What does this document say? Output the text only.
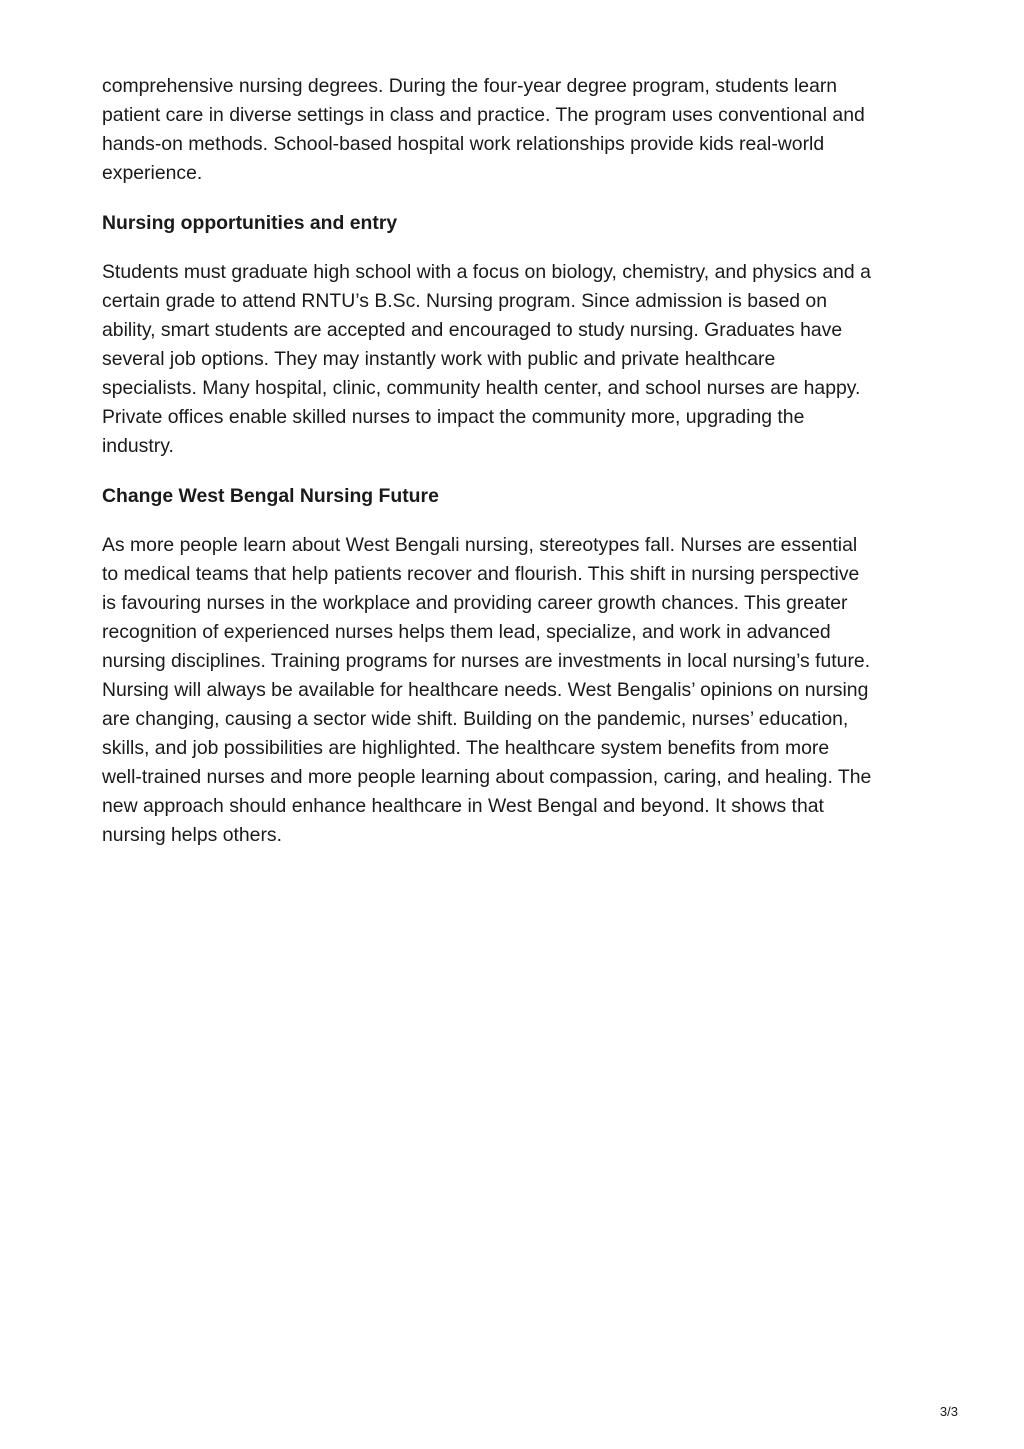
comprehensive nursing degrees. During the four-year degree program, students learn
patient care in diverse settings in class and practice. The program uses conventional and
hands-on methods. School-based hospital work relationships provide kids real-world
experience.

Nursing opportunities and entry

Students must graduate high school with a focus on biology, chemistry, and physics and a
certain grade to attend RNTU’s B.Sc. Nursing program. Since admission is based on
ability, smart students are accepted and encouraged to study nursing. Graduates have
several job options. They may instantly work with public and private healthcare
specialists. Many hospital, clinic, community health center, and school nurses are happy.
Private offices enable skilled nurses to impact the community more, upgrading the
industry.

Change West Bengal Nursing Future

As more people learn about West Bengali nursing, stereotypes fall. Nurses are essential
to medical teams that help patients recover and flourish. This shift in nursing perspective
is favouring nurses in the workplace and providing career growth chances. This greater
recognition of experienced nurses helps them lead, specialize, and work in advanced
nursing disciplines. Training programs for nurses are investments in local nursing’s future.
Nursing will always be available for healthcare needs. West Bengalis’ opinions on nursing
are changing, causing a sector wide shift. Building on the pandemic, nurses’ education,
skills, and job possibilities are highlighted. The healthcare system benefits from more
well-trained nurses and more people learning about compassion, caring, and healing. The
new approach should enhance healthcare in West Bengal and beyond. It shows that
nursing helps others.

3/3
